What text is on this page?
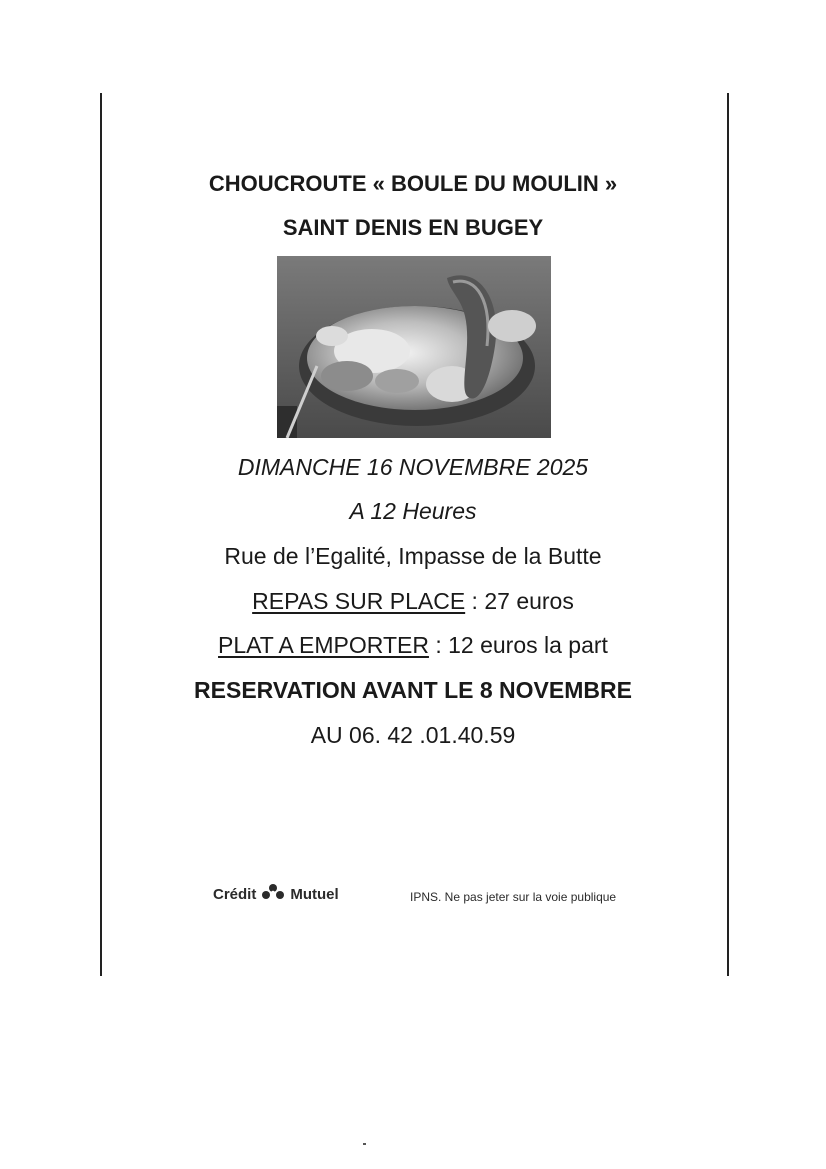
CHOUCROUTE « BOULE DU MOULIN »
SAINT DENIS EN BUGEY
DIMANCHE 16 NOVEMBRE 2025
A 12 Heures
Rue de l’Egalité, Impasse de la Butte
REPAS SUR PLACE : 27 euros
PLAT A EMPORTER : 12 euros la part
RESERVATION AVANT LE 8 NOVEMBRE
AU 06. 42 .01.40.59
Crédit Mutuel	IPNS. Ne pas jeter sur la voie publique
